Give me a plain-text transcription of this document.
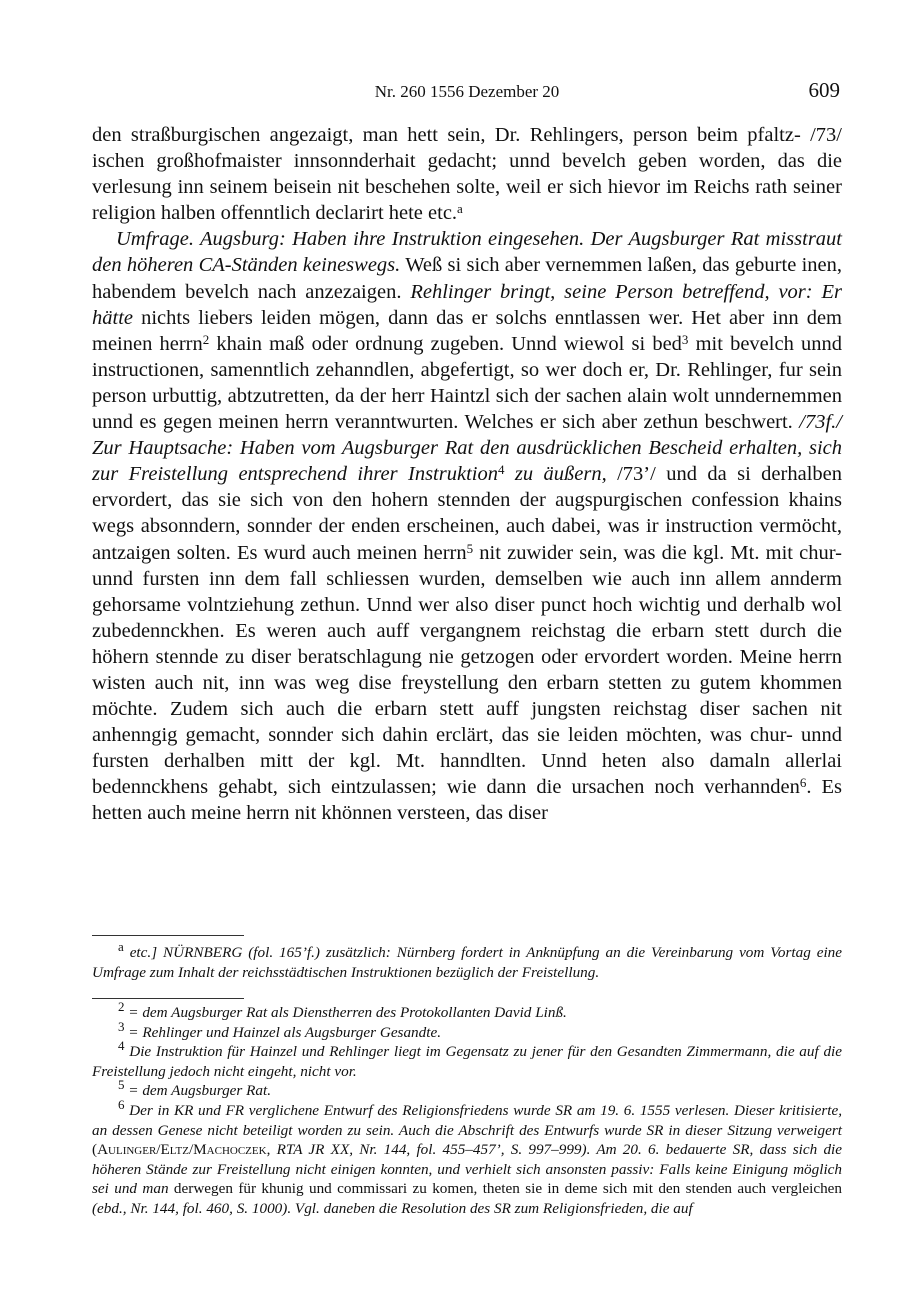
Nr. 260 1556 Dezember 20	609

den straßburgischen angezaigt, man hett sein, Dr. Rehlingers, person beim pfaltz- /73/ ischen großhofmaister innsonnderhait gedacht; unnd bevelch geben worden, das die verlesung inn seinem beisein nit beschehen solte, weil er sich hievor im Reichs rath seiner religion halben offenntlich declarirt hete etc.$^a$

Umfrage. Augsburg: Haben ihre Instruktion eingesehen. Der Augsburger Rat misstraut den höheren CA-Ständen keineswegs. Weß si sich aber vernemmen laßen, das geburte inen, habendem bevelch nach anzezaigen. Rehlinger bringt, seine Person betreffend, vor: Er hätte nichts liebers leiden mögen, dann das er solchs enntlassen wer. Het aber inn dem meinen herrn$^2$ khain maß oder ordnung zugeben. Unnd wiewol si bed$^3$ mit bevelch unnd instructionen, samenntlich zehanndlen, abgefertigt, so wer doch er, Dr. Rehlinger, fur sein person urbuttig, abtzutretten, da der herr Haintzl sich der sachen alain wolt unndernemmen unnd es gegen meinen herrn veranntwurten. Welches er sich aber zethun beschwert. /73f./ Zur Hauptsache: Haben vom Augsburger Rat den ausdrücklichen Bescheid erhalten, sich zur Freistellung entsprechend ihrer Instruktion$^4$ zu äußern, /73’/ und da si derhalben ervordert, das sie sich von den hohern stennden der augspurgischen confession khains wegs absonndern, sonnder der enden erscheinen, auch dabei, was ir instruction vermöcht, antzaigen solten. Es wurd auch meinen herrn$^5$ nit zuwider sein, was die kgl. Mt. mit chur- unnd fursten inn dem fall schliessen wurden, demselben wie auch inn allem annderm gehorsame volntziehung zethun. Unnd wer also diser punct hoch wichtig und derhalb wol zubedennckhen. Es weren auch auff vergangnem reichstag die erbarn stett durch die höhern stennde zu diser beratschlagung nie getzogen oder ervordert worden. Meine herrn wisten auch nit, inn was weg dise freystellung den erbarn stetten zu gutem khommen möchte. Zudem sich auch die erbarn stett auff jungsten reichstag diser sachen nit anhenngig gemacht, sonnder sich dahin erclärt, das sie leiden möchten, was chur- unnd fursten derhalben mitt der kgl. Mt. hanndlten. Unnd heten also damaln allerlai bedennckhens gehabt, sich eintzulassen; wie dann die ursachen noch verhannden$^6$. Es hetten auch meine herrn nit khönnen versteen, das diser

$^a$ etc.] NÜRNBERG (fol. 165’f.) zusätzlich: Nürnberg fordert in Anknüpfung an die Vereinbarung vom Vortag eine Umfrage zum Inhalt der reichsstädtischen Instruktionen bezüglich der Freistellung.

$^2$ = dem Augsburger Rat als Dienstherren des Protokollanten David Linß.

$^3$ = Rehlinger und Hainzel als Augsburger Gesandte.

$^4$ Die Instruktion für Hainzel und Rehlinger liegt im Gegensatz zu jener für den Gesandten Zimmermann, die auf die Freistellung jedoch nicht eingeht, nicht vor.

$^5$ = dem Augsburger Rat.

$^6$ Der in KR und FR verglichene Entwurf des Religionsfriedens wurde SR am 19. 6. 1555 verlesen. Dieser kritisierte, an dessen Genese nicht beteiligt worden zu sein. Auch die Abschrift des Entwurfs wurde SR in dieser Sitzung verweigert (Aulinger/Eltz/Machoczek, RTA JR XX, Nr. 144, fol. 455–457’, S. 997–999). Am 20. 6. bedauerte SR, dass sich die höheren Stände zur Freistellung nicht einigen konnten, und verhielt sich ansonsten passiv: Falls keine Einigung möglich sei und man derwegen für khunig und commissari zu komen, theten sie in deme sich mit den stenden auch vergleichen (ebd., Nr. 144, fol. 460, S. 1000). Vgl. daneben die Resolution des SR zum Religionsfrieden, die auf
